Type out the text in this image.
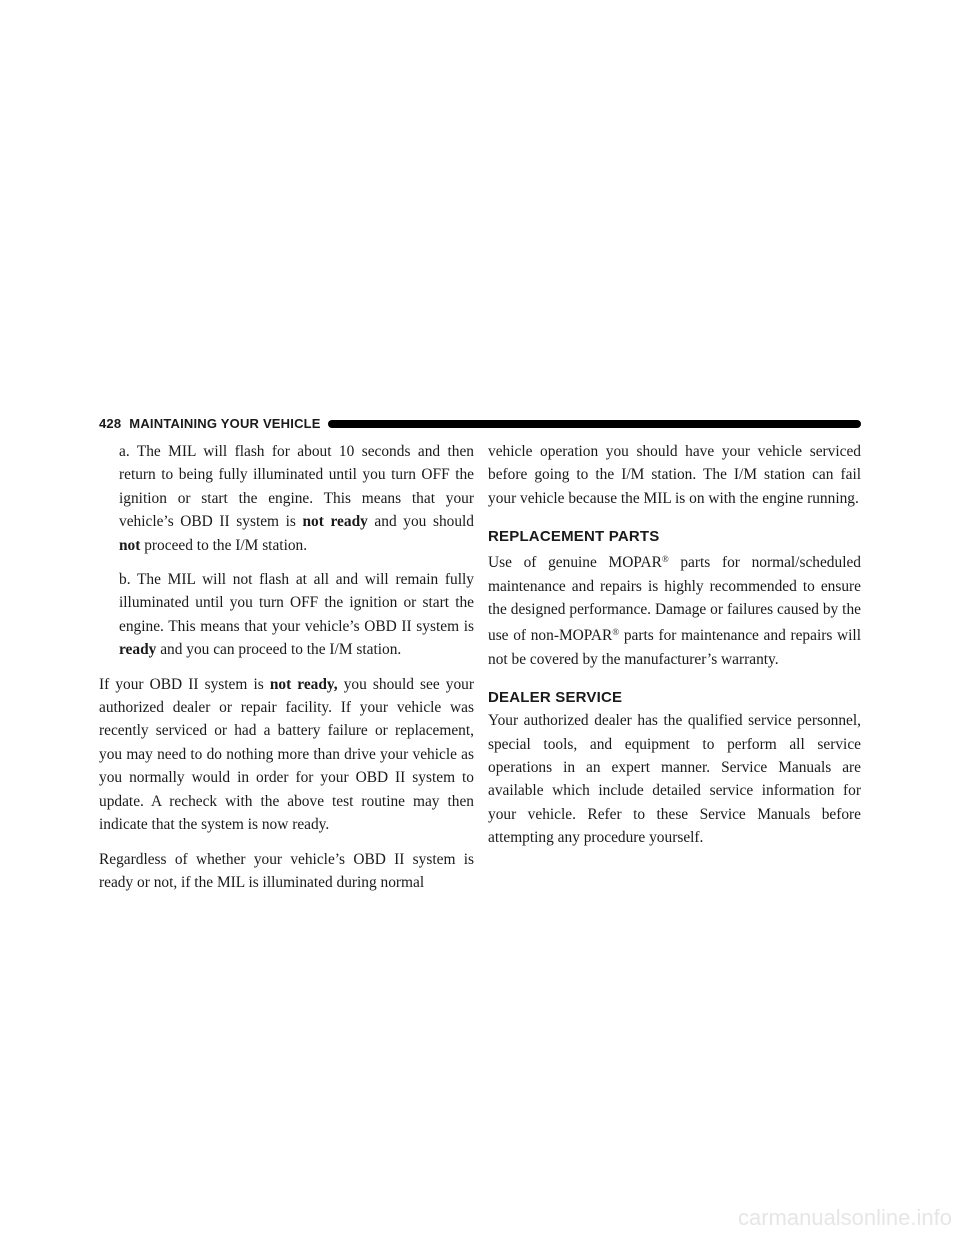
428 MAINTAINING YOUR VEHICLE

a. The MIL will flash for about 10 seconds and then return to being fully illuminated until you turn OFF the ignition or start the engine. This means that your vehicle’s OBD II system is not ready and you should not proceed to the I/M station.

b. The MIL will not flash at all and will remain fully illuminated until you turn OFF the ignition or start the engine. This means that your vehicle’s OBD II system is ready and you can proceed to the I/M station.

If your OBD II system is not ready, you should see your authorized dealer or repair facility. If your vehicle was recently serviced or had a battery failure or replacement, you may need to do nothing more than drive your vehicle as you normally would in order for your OBD II system to update. A recheck with the above test routine may then indicate that the system is now ready.

Regardless of whether your vehicle’s OBD II system is ready or not, if the MIL is illuminated during normal

vehicle operation you should have your vehicle serviced before going to the I/M station. The I/M station can fail your vehicle because the MIL is on with the engine running.

REPLACEMENT PARTS

Use of genuine MOPAR® parts for normal/scheduled maintenance and repairs is highly recommended to ensure the designed performance. Damage or failures caused by the use of non-MOPAR® parts for maintenance and repairs will not be covered by the manufacturer’s warranty.

DEALER SERVICE

Your authorized dealer has the qualified service personnel, special tools, and equipment to perform all service operations in an expert manner. Service Manuals are available which include detailed service information for your vehicle. Refer to these Service Manuals before attempting any procedure yourself.

carmanualsonline.info
